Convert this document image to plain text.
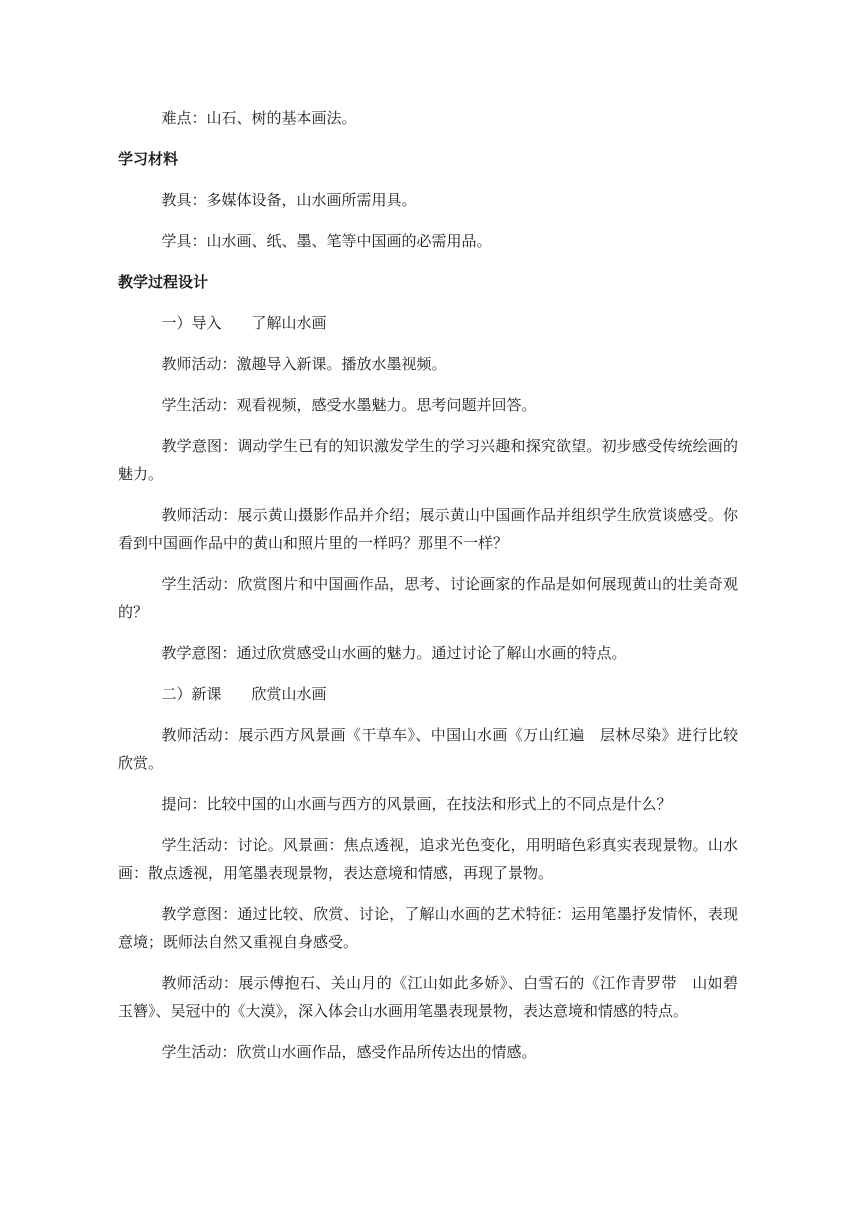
难点：山石、树的基本画法。

学习材料

教具：多媒体设备，山水画所需用具。

学具：山水画、纸、墨、笔等中国画的必需用品。

教学过程设计

一）导入　　了解山水画

教师活动：激趣导入新课。播放水墨视频。

学生活动：观看视频，感受水墨魅力。思考问题并回答。

教学意图：调动学生已有的知识激发学生的学习兴趣和探究欲望。初步感受传统绘画的魅力。

教师活动：展示黄山摄影作品并介绍；展示黄山中国画作品并组织学生欣赏谈感受。你看到中国画作品中的黄山和照片里的一样吗？那里不一样？

学生活动：欣赏图片和中国画作品，思考、讨论画家的作品是如何展现黄山的壮美奇观的？

教学意图：通过欣赏感受山水画的魅力。通过讨论了解山水画的特点。

二）新课　　欣赏山水画

教师活动：展示西方风景画《干草车》、中国山水画《万山红遍　层林尽染》进行比较欣赏。

提问：比较中国的山水画与西方的风景画，在技法和形式上的不同点是什么？

学生活动：讨论。风景画：焦点透视，追求光色变化，用明暗色彩真实表现景物。山水画：散点透视，用笔墨表现景物，表达意境和情感，再现了景物。

教学意图：通过比较、欣赏、讨论，了解山水画的艺术特征：运用笔墨抒发情怀，表现意境；既师法自然又重视自身感受。

教师活动：展示傅抱石、关山月的《江山如此多娇》、白雪石的《江作青罗带　山如碧玉簪》、吴冠中的《大漠》，深入体会山水画用笔墨表现景物，表达意境和情感的特点。

学生活动：欣赏山水画作品，感受作品所传达出的情感。
